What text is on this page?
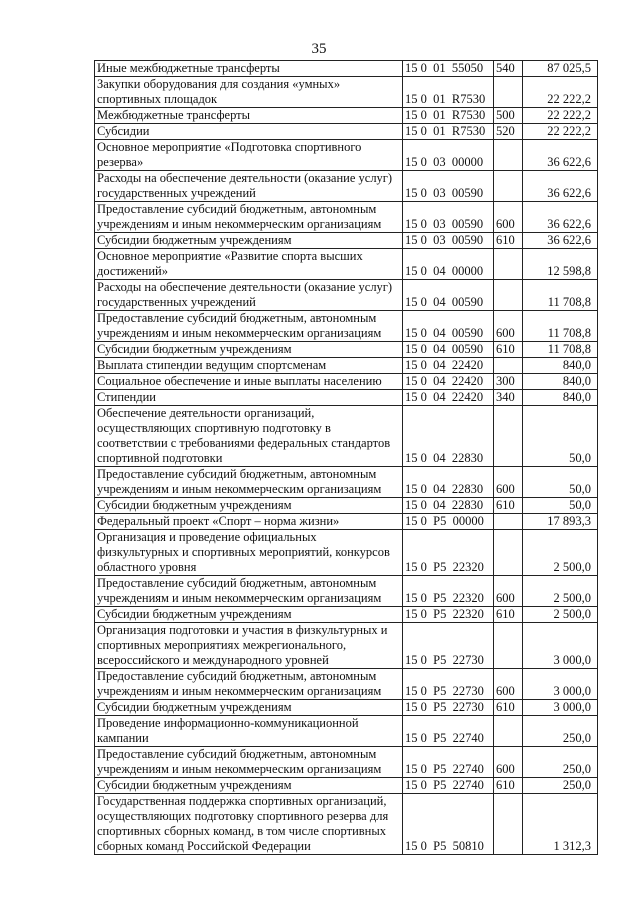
35
Иные межбюджетные трансферты	15 0  01  55050	540	87 025,5
Закупки оборудования для создания «умных» спортивных площадок	15 0  01  R7530		22 222,2
Межбюджетные трансферты	15 0  01  R7530	500	22 222,2
Субсидии	15 0  01  R7530	520	22 222,2
Основное мероприятие «Подготовка спортивного резерва»	15 0  03  00000		36 622,6
Расходы на обеспечение деятельности (оказание услуг) государственных учреждений	15 0  03  00590		36 622,6
Предоставление субсидий бюджетным, автономным учреждениям и иным некоммерческим организациям	15 0  03  00590	600	36 622,6
Субсидии бюджетным учреждениям	15 0  03  00590	610	36 622,6
Основное мероприятие «Развитие спорта высших достижений»	15 0  04  00000		12 598,8
Расходы на обеспечение деятельности (оказание услуг) государственных учреждений	15 0  04  00590		11 708,8
Предоставление субсидий бюджетным, автономным учреждениям и иным некоммерческим организациям	15 0  04  00590	600	11 708,8
Субсидии бюджетным учреждениям	15 0  04  00590	610	11 708,8
Выплата стипендии ведущим спортсменам	15 0  04  22420		840,0
Социальное обеспечение и иные выплаты населению	15 0  04  22420	300	840,0
Стипендии	15 0  04  22420	340	840,0
Обеспечение деятельности организаций, осуществляющих спортивную подготовку в соответствии с требованиями федеральных стандартов спортивной подготовки	15 0  04  22830		50,0
Предоставление субсидий бюджетным, автономным учреждениям и иным некоммерческим организациям	15 0  04  22830	600	50,0
Субсидии бюджетным учреждениям	15 0  04  22830	610	50,0
Федеральный проект «Спорт – норма жизни»	15 0  P5  00000		17 893,3
Организация и проведение официальных физкультурных и спортивных мероприятий, конкурсов областного уровня	15 0  P5  22320		2 500,0
Предоставление субсидий бюджетным, автономным учреждениям и иным некоммерческим организациям	15 0  P5  22320	600	2 500,0
Субсидии бюджетным учреждениям	15 0  P5  22320	610	2 500,0
Организация подготовки и участия в физкультурных и спортивных мероприятиях межрегионального, всероссийского и международного уровней	15 0  P5  22730		3 000,0
Предоставление субсидий бюджетным, автономным учреждениям и иным некоммерческим организациям	15 0  P5  22730	600	3 000,0
Субсидии бюджетным учреждениям	15 0  P5  22730	610	3 000,0
Проведение информационно-коммуникационной кампании	15 0  P5  22740		250,0
Предоставление субсидий бюджетным, автономным учреждениям и иным некоммерческим организациям	15 0  P5  22740	600	250,0
Субсидии бюджетным учреждениям	15 0  P5  22740	610	250,0
Государственная поддержка спортивных организаций, осуществляющих подготовку спортивного резерва для спортивных сборных команд, в том числе спортивных сборных команд Российской Федерации	15 0  P5  50810		1 312,3
